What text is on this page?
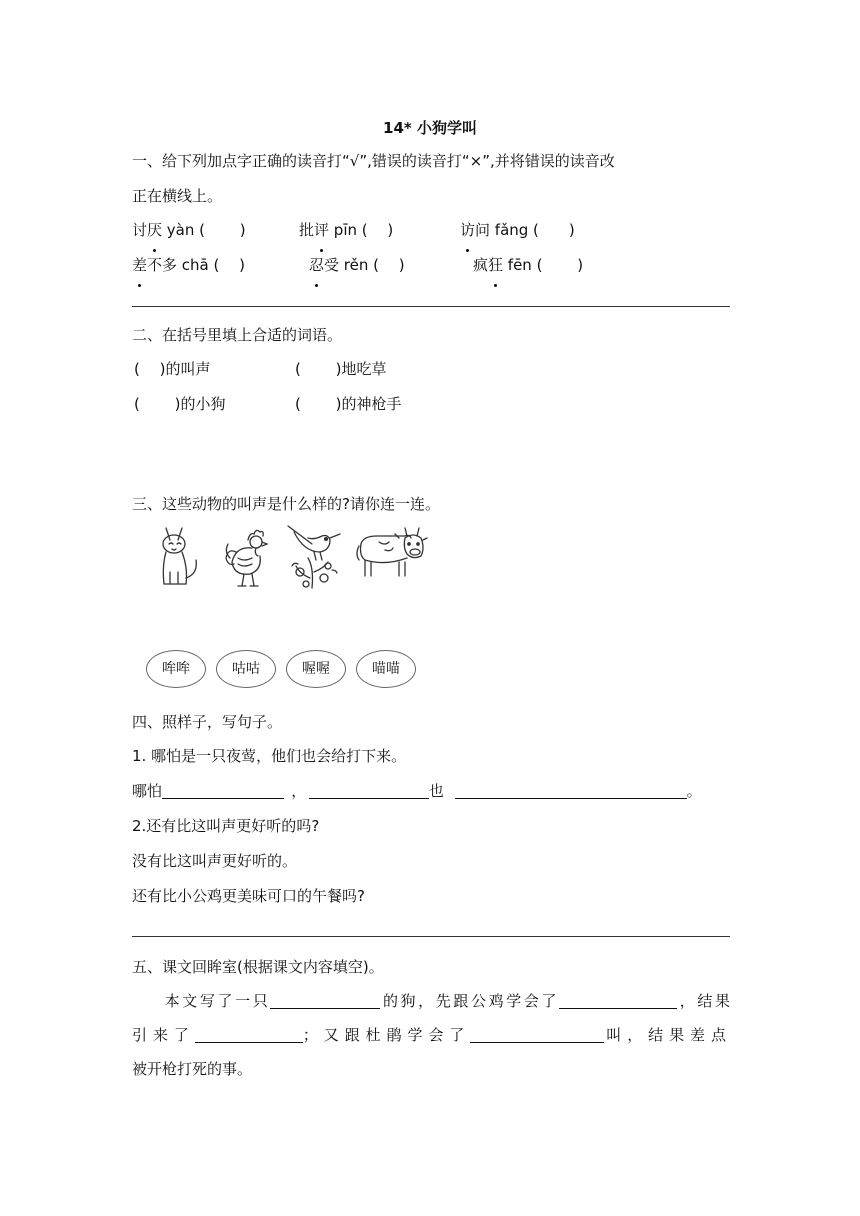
14* 小狗学叫
一、给下列加点字正确的读音打“√”,错误的读音打“×”,并将错误的读音改
正在横线上。
讨厌 yàn (　　 )	批评 pīn (　 )	访问 fǎng (　　)
差不多 chā (　 )	忍受 rěn ( 　)	疯狂 fēn (　　 )
二、在括号里填上合适的词语。
(　 )的叫声	(　　 )地吃草
(　　 )的小狗	(　　 )的神枪手
三、这些动物的叫声是什么样的?请你连一连。
哞哞	咕咕	喔喔	喵喵
四、照样子，写句子。
1. 哪怕是一只夜莺，他们也会给打下来。
哪怕	，	也	。
2.还有比这叫声更好听的吗?
没有比这叫声更好听的。
还有比小公鸡更美味可口的午餐吗?
五、课文回眸室(根据课文内容填空)。
本文写了一只	的狗，先跟公鸡学会了	，结果
引来了	；又跟杜鹃学会了	叫，结果差点
被开枪打死的事。
